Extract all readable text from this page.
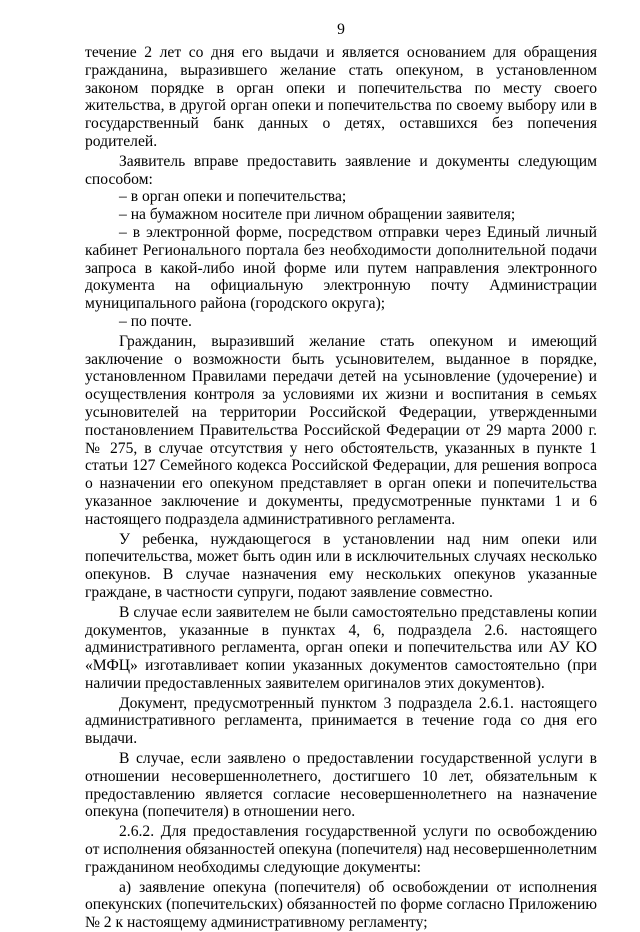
9

течение 2 лет со дня его выдачи и является основанием для обращения гражданина, выразившего желание стать опекуном, в установленном законом порядке в орган опеки и попечительства по месту своего жительства, в другой орган опеки и попечительства по своему выбору или в государственный банк данных о детях, оставшихся без попечения родителей.

Заявитель вправе предоставить заявление и документы следующим способом:

– в орган опеки и попечительства;

– на бумажном носителе при личном обращении заявителя;

– в электронной форме, посредством отправки через Единый личный кабинет Регионального портала без необходимости дополнительной подачи запроса в какой-либо иной форме или путем направления электронного документа на официальную электронную почту Администрации муниципального района (городского округа);

– по почте.

Гражданин, выразивший желание стать опекуном и имеющий заключение о возможности быть усыновителем, выданное в порядке, установленном Правилами передачи детей на усыновление (удочерение) и осуществления контроля за условиями их жизни и воспитания в семьях усыновителей на территории Российской Федерации, утвержденными постановлением Правительства Российской Федерации от 29 марта 2000 г. № 275, в случае отсутствия у него обстоятельств, указанных в пункте 1 статьи 127 Семейного кодекса Российской Федерации, для решения вопроса о назначении его опекуном представляет в орган опеки и попечительства указанное заключение и документы, предусмотренные пунктами 1 и 6 настоящего подраздела административного регламента.

У ребенка, нуждающегося в установлении над ним опеки или попечительства, может быть один или в исключительных случаях несколько опекунов. В случае назначения ему нескольких опекунов указанные граждане, в частности супруги, подают заявление совместно.

В случае если заявителем не были самостоятельно представлены копии документов, указанные в пунктах 4, 6, подраздела 2.6. настоящего административного регламента, орган опеки и попечительства или АУ КО «МФЦ» изготавливает копии указанных документов самостоятельно (при наличии предоставленных заявителем оригиналов этих документов).

Документ, предусмотренный пунктом 3 подраздела 2.6.1. настоящего административного регламента, принимается в течение года со дня его выдачи.

В случае, если заявлено о предоставлении государственной услуги в отношении несовершеннолетнего, достигшего 10 лет, обязательным к предоставлению является согласие несовершеннолетнего на назначение опекуна (попечителя) в отношении него.

2.6.2. Для предоставления государственной услуги по освобождению от исполнения обязанностей опекуна (попечителя) над несовершеннолетним гражданином необходимы следующие документы:

а) заявление опекуна (попечителя) об освобождении от исполнения опекунских (попечительских) обязанностей по форме согласно Приложению № 2 к настоящему административному регламенту;
